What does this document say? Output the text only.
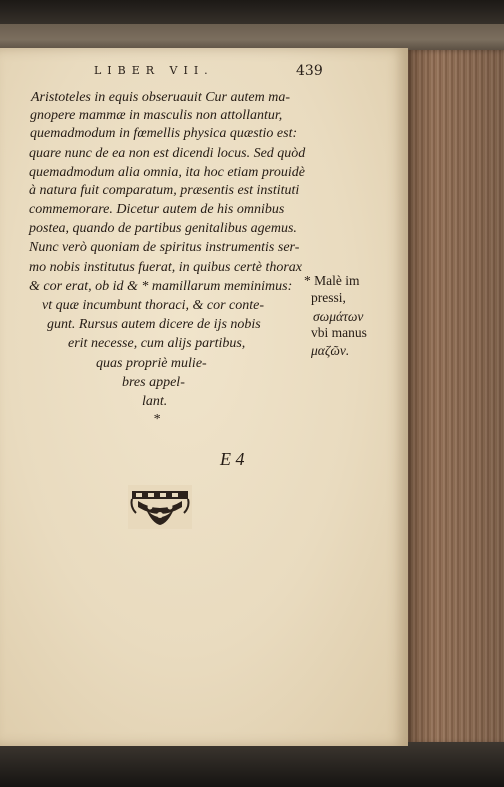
LIBER VII.	439
Aristoteles in equis obseruauit Cur autem ma-
gnopere mammæ in masculis non attollantur,
quemadmodum in fœmellis physica quæstio est:
quare nunc de ea non est dicendi locus. Sed quòd
quemadmodum alia omnia, ita hoc etiam prouidè
à natura fuit comparatum, præsentis est instituti
commemorare. Dicetur autem de his omnibus
postea, quando de partibus genitalibus agemus.
Nunc verò quoniam de spiritus instrumentis ser-
mo nobis institutus fuerat, in quibus certè thorax
& cor erat, ob id & * mamillarum meminimus:
vt quæ incumbunt thoraci, & cor conte-
gunt. Rursus autem dicere de ijs nobis
erit necesse, cum alijs partibus,
quas propriè mulie-
bres appel-
lant.
*
* Malè im
pressi,
σωμάτων
vbi manus
μαζῶν.
E 4
